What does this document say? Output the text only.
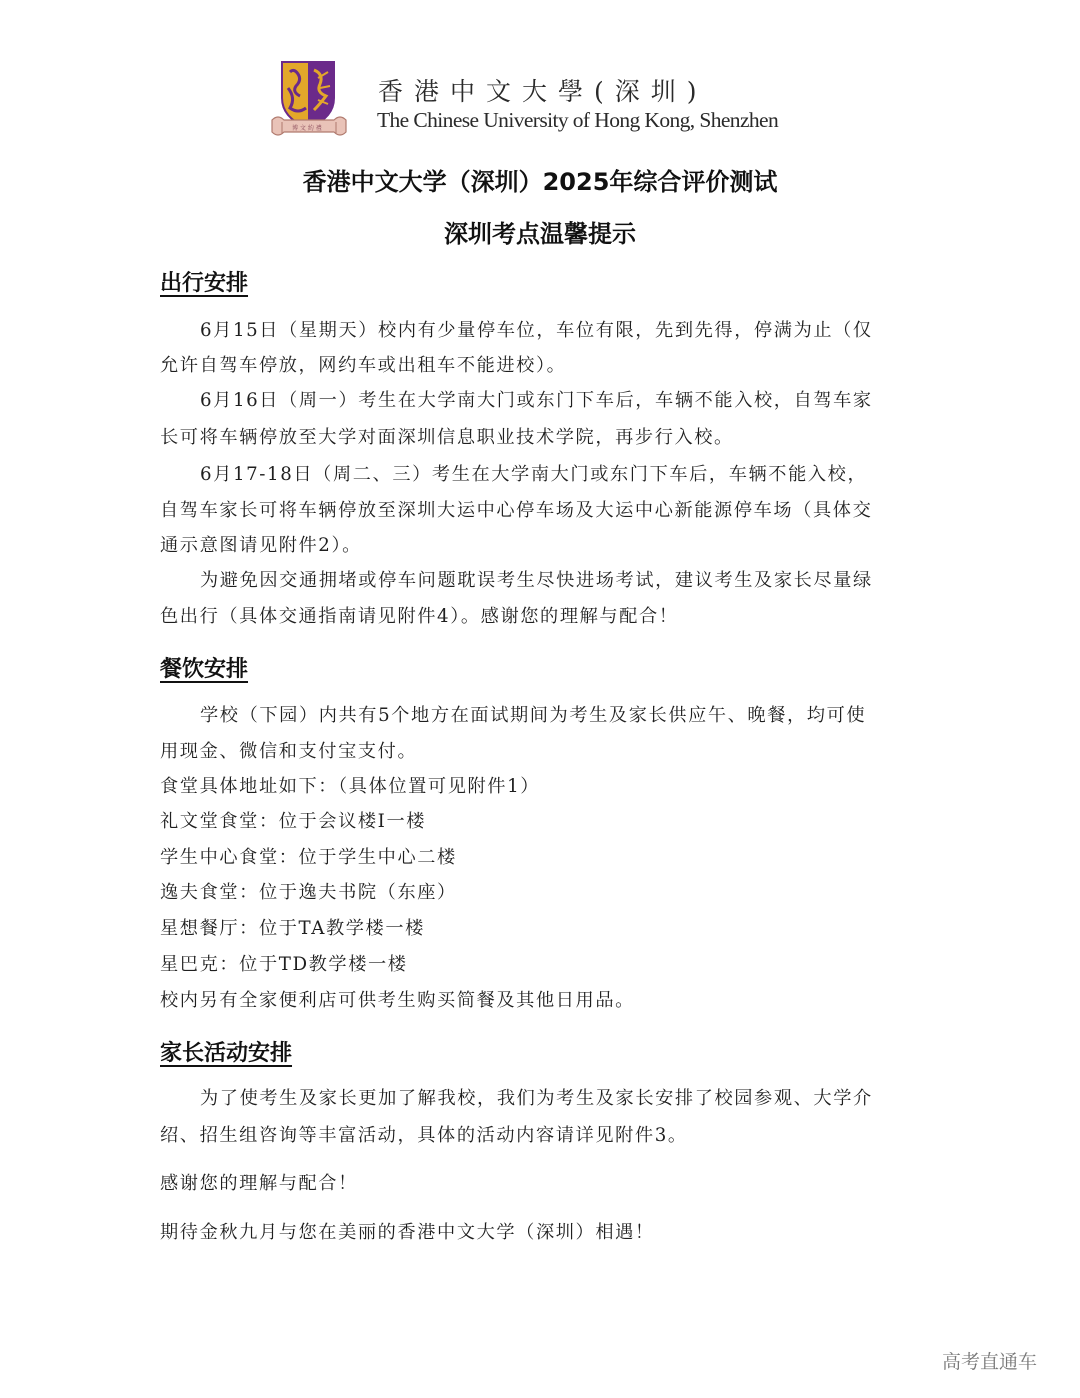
博 文 約 禮
香港中文大學(深圳)
The Chinese University of Hong Kong, Shenzhen
香港中文大学（深圳）2025年综合评价测试
深圳考点温馨提示
出行安排
6月15日（星期天）校内有少量停车位，车位有限，先到先得，停满为止（仅
允许自驾车停放，网约车或出租车不能进校）。
6月16日（周一）考生在大学南大门或东门下车后，车辆不能入校，自驾车家
长可将车辆停放至大学对面深圳信息职业技术学院，再步行入校。
6月17-18日（周二、三）考生在大学南大门或东门下车后，车辆不能入校，
自驾车家长可将车辆停放至深圳大运中心停车场及大运中心新能源停车场（具体交
通示意图请见附件2）。
为避免因交通拥堵或停车问题耽误考生尽快进场考试，建议考生及家长尽量绿
色出行（具体交通指南请见附件4）。感谢您的理解与配合！
餐饮安排
学校（下园）内共有5个地方在面试期间为考生及家长供应午、晚餐，均可使
用现金、微信和支付宝支付。
食堂具体地址如下：（具体位置可见附件1）
礼文堂食堂：位于会议楼I一楼
学生中心食堂：位于学生中心二楼
逸夫食堂：位于逸夫书院（东座）
星想餐厅：位于TA教学楼一楼
星巴克：位于TD教学楼一楼
校内另有全家便利店可供考生购买简餐及其他日用品。
家长活动安排
为了使考生及家长更加了解我校，我们为考生及家长安排了校园参观、大学介
绍、招生组咨询等丰富活动，具体的活动内容请详见附件3。
感谢您的理解与配合！
期待金秋九月与您在美丽的香港中文大学（深圳）相遇！
高考直通车
